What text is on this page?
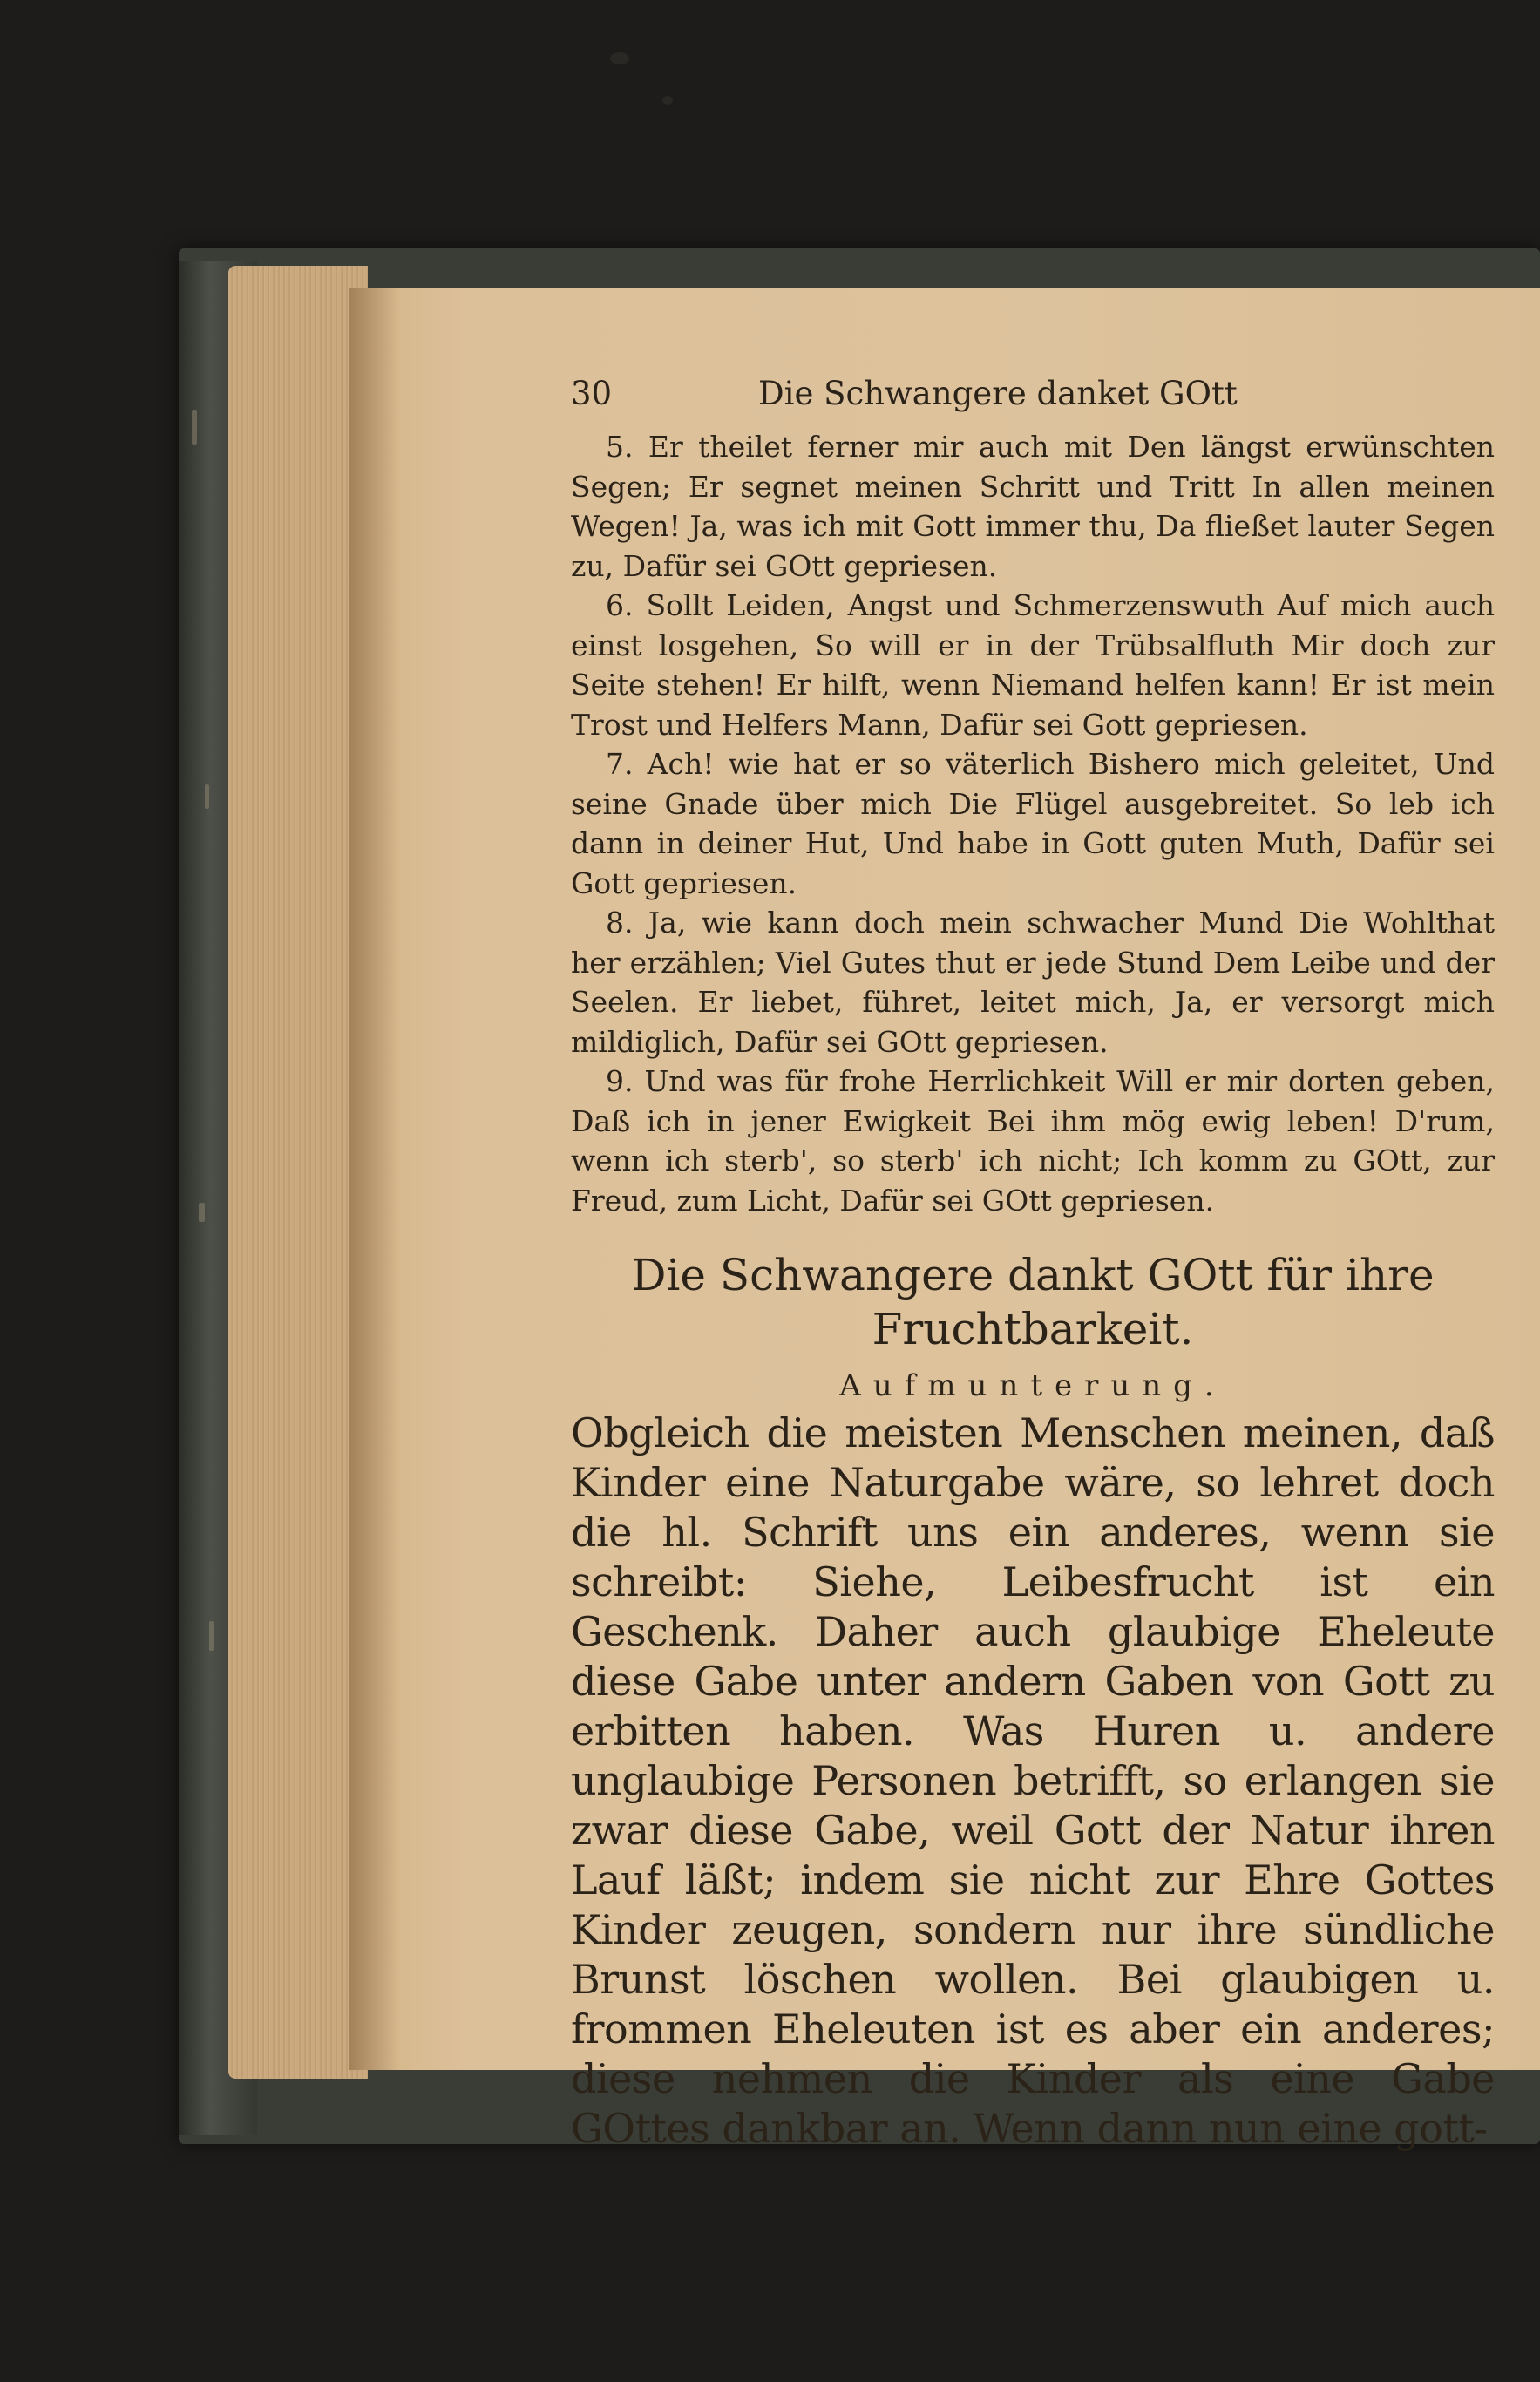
30	Die Schwangere danket GOtt

5. Er theilet ferner mir auch mit Den längst erwünschten Segen; Er segnet meinen Schritt und Tritt In allen meinen Wegen! Ja, was ich mit Gott immer thu, Da fließet lauter Segen zu, Dafür sei GOtt gepriesen.

6. Sollt Leiden, Angst und Schmerzenswuth Auf mich auch einst losgehen, So will er in der Trübsalfluth Mir doch zur Seite stehen! Er hilft, wenn Niemand helfen kann! Er ist mein Trost und Helfers Mann, Dafür sei Gott gepriesen.

7. Ach! wie hat er so väterlich Bishero mich geleitet, Und seine Gnade über mich Die Flügel ausgebreitet. So leb ich dann in deiner Hut, Und habe in Gott guten Muth, Dafür sei Gott gepriesen.

8. Ja, wie kann doch mein schwacher Mund Die Wohlthat her erzählen; Viel Gutes thut er jede Stund Dem Leibe und der Seelen. Er liebet, führet, leitet mich, Ja, er versorgt mich mildiglich, Dafür sei GOtt gepriesen.

9. Und was für frohe Herrlichkeit Will er mir dorten geben, Daß ich in jener Ewigkeit Bei ihm mög ewig leben! D'rum, wenn ich sterb', so sterb' ich nicht; Ich komm zu GOtt, zur Freud, zum Licht, Dafür sei GOtt gepriesen.

Die Schwangere dankt GOtt für ihre Fruchtbarkeit.
Aufmunterung.

Obgleich die meisten Menschen meinen, daß Kinder eine Naturgabe wäre, so lehret doch die hl. Schrift uns ein anderes, wenn sie schreibt: Siehe, Leibesfrucht ist ein Geschenk. Daher auch glaubige Eheleute diese Gabe unter andern Gaben von Gott zu erbitten haben. Was Huren u. andere unglaubige Personen betrifft, so erlangen sie zwar diese Gabe, weil Gott der Natur ihren Lauf läßt; indem sie nicht zur Ehre Gottes Kinder zeugen, sondern nur ihre sündliche Brunst löschen wollen. Bei glaubigen u. frommen Eheleuten ist es aber ein anderes; diese nehmen die Kinder als eine Gabe GOttes dankbar an. Wenn dann nun eine gott-
